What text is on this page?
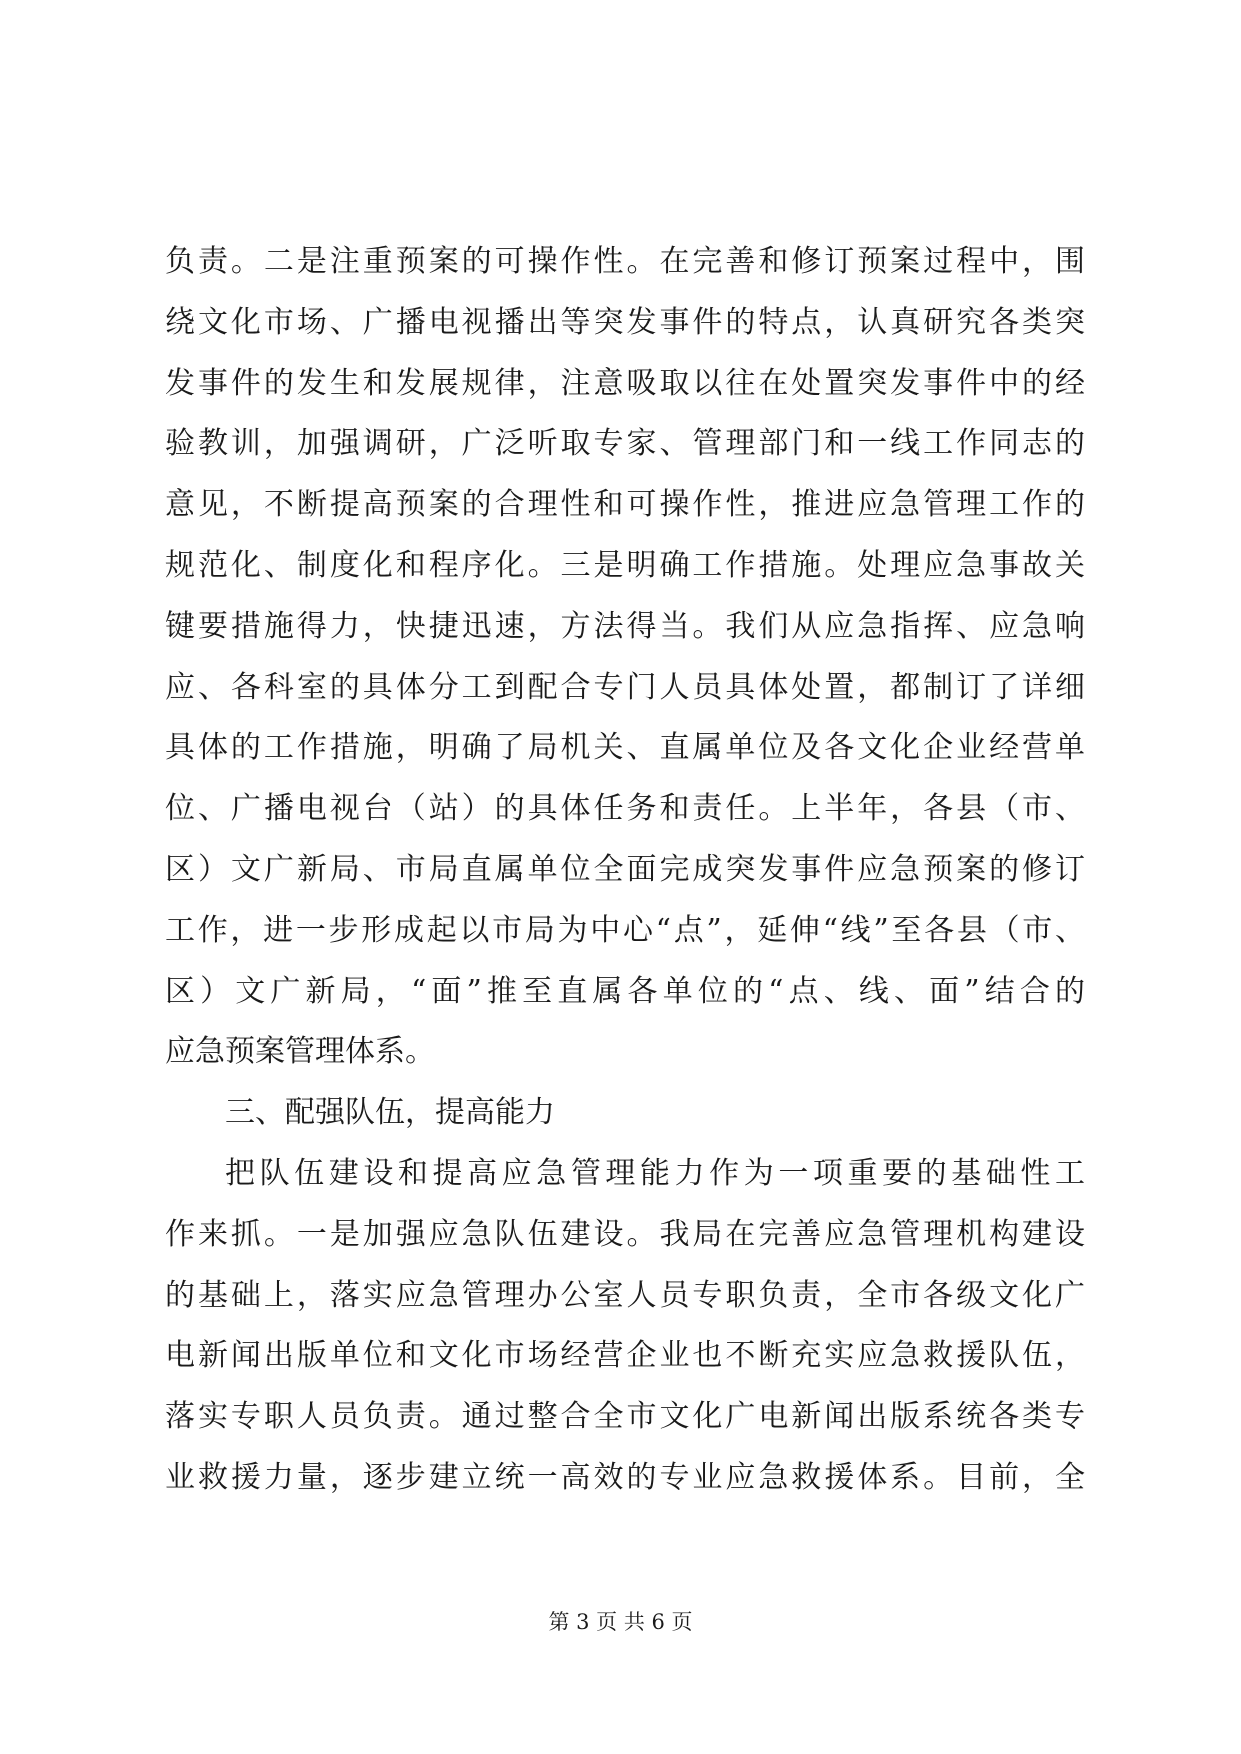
负责。二是注重预案的可操作性。在完善和修订预案过程中，围
绕文化市场、广播电视播出等突发事件的特点，认真研究各类突
发事件的发生和发展规律，注意吸取以往在处置突发事件中的经
验教训，加强调研，广泛听取专家、管理部门和一线工作同志的
意见，不断提高预案的合理性和可操作性，推进应急管理工作的
规范化、制度化和程序化。三是明确工作措施。处理应急事故关
键要措施得力，快捷迅速，方法得当。我们从应急指挥、应急响
应、各科室的具体分工到配合专门人员具体处置，都制订了详细
具体的工作措施，明确了局机关、直属单位及各文化企业经营单
位、广播电视台（站）的具体任务和责任。上半年，各县（市、
区）文广新局、市局直属单位全面完成突发事件应急预案的修订
工作，进一步形成起以市局为中心“点”，延伸“线”至各县（市、
区）文广新局，“面”推至直属各单位的“点、线、面”结合的
应急预案管理体系。
三、配强队伍，提高能力
把队伍建设和提高应急管理能力作为一项重要的基础性工
作来抓。一是加强应急队伍建设。我局在完善应急管理机构建设
的基础上，落实应急管理办公室人员专职负责，全市各级文化广
电新闻出版单位和文化市场经营企业也不断充实应急救援队伍，
落实专职人员负责。通过整合全市文化广电新闻出版系统各类专
业救援力量，逐步建立统一高效的专业应急救援体系。目前，全
第 3 页 共 6 页
